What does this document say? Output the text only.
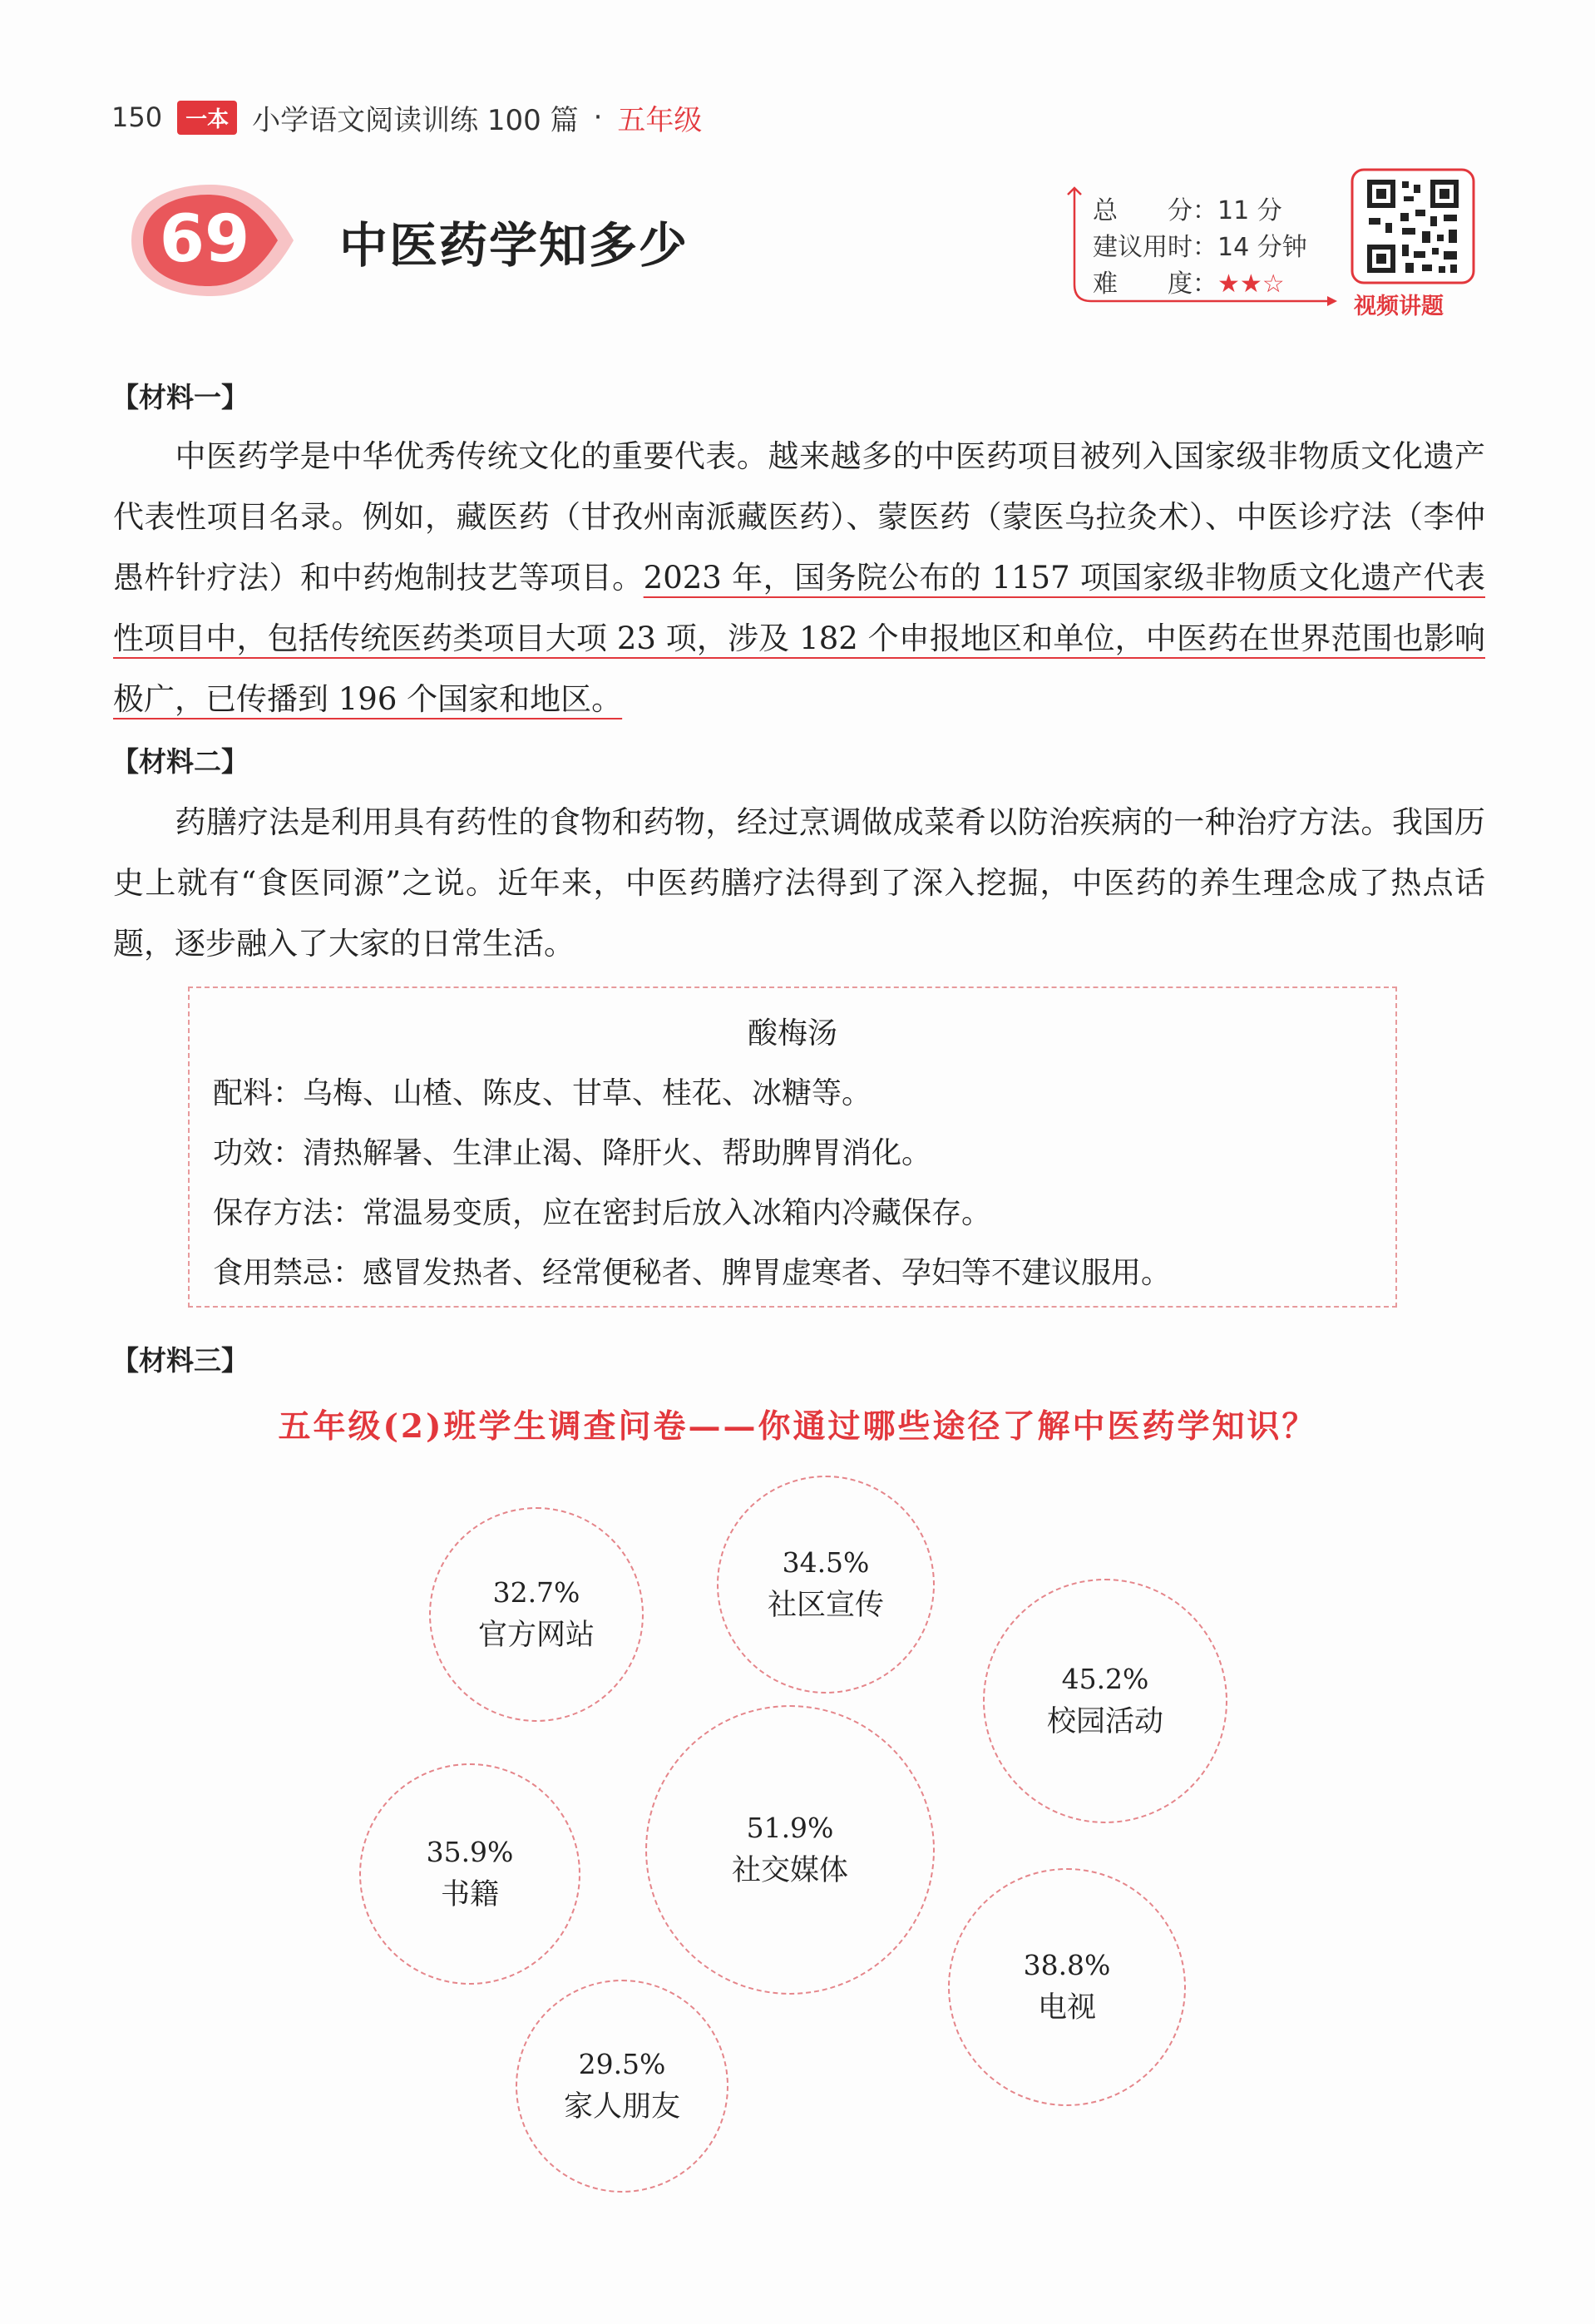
150	一本 小学语文阅读训练 100 篇 · 五年级
69 中医药学知多少
总　　分：11 分
建议用时：14 分钟
难　　度：★★☆
视频讲题
【材料一】
中医药学是中华优秀传统文化的重要代表。越来越多的中医药项目被列入国家级非物质文化遗产代表性项目名录。例如，藏医药（甘孜州南派藏医药）、蒙医药（蒙医乌拉灸术）、中医诊疗法（李仲愚杵针疗法）和中药炮制技艺等项目。2023 年，国务院公布的 1157 项国家级非物质文化遗产代表性项目中，包括传统医药类项目大项 23 项，涉及 182 个申报地区和单位，中医药在世界范围也影响极广，已传播到 196 个国家和地区。
【材料二】
药膳疗法是利用具有药性的食物和药物，经过烹调做成菜肴以防治疾病的一种治疗方法。我国历史上就有“食医同源”之说。近年来，中医药膳疗法得到了深入挖掘，中医药的养生理念成了热点话题，逐步融入了大家的日常生活。
酸梅汤
配料：乌梅、山楂、陈皮、甘草、桂花、冰糖等。
功效：清热解暑、生津止渴、降肝火、帮助脾胃消化。
保存方法：常温易变质，应在密封后放入冰箱内冷藏保存。
食用禁忌：感冒发热者、经常便秘者、脾胃虚寒者、孕妇等不建议服用。
【材料三】
五年级(2)班学生调查问卷——你通过哪些途径了解中医药学知识？
32.7%
官方网站
34.5%
社区宣传
45.2%
校园活动
35.9%
书籍
51.9%
社交媒体
38.8%
电视
29.5%
家人朋友
